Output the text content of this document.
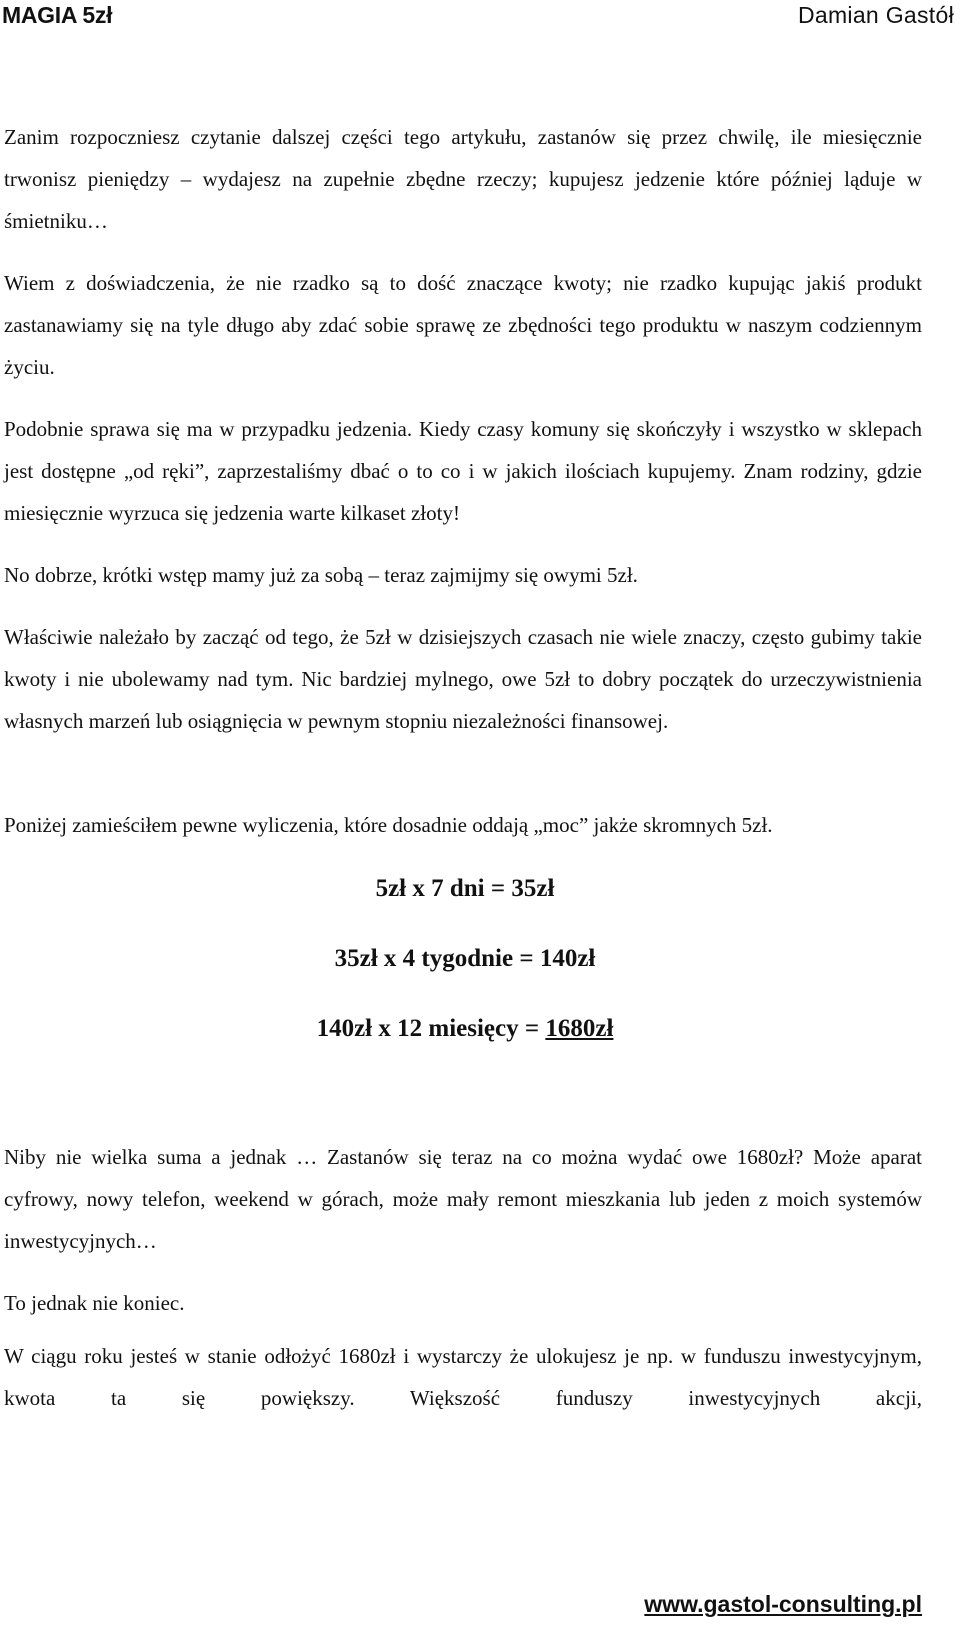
MAGIA 5zł	Damian Gastół

Zanim rozpoczniesz czytanie dalszej części tego artykułu, zastanów się przez chwilę, ile miesięcznie trwonisz pieniędzy – wydajesz na zupełnie zbędne rzeczy; kupujesz jedzenie które później ląduje w śmietniku…

Wiem z doświadczenia, że nie rzadko są to dość znaczące kwoty; nie rzadko kupując jakiś produkt zastanawiamy się na tyle długo aby zdać sobie sprawę ze zbędności tego produktu w naszym codziennym życiu.

Podobnie sprawa się ma w przypadku jedzenia. Kiedy czasy komuny się skończyły i wszystko w sklepach jest dostępne „od ręki”, zaprzestaliśmy dbać o to co i w jakich ilościach kupujemy. Znam rodziny, gdzie miesięcznie wyrzuca się jedzenia warte kilkaset złoty!

No dobrze, krótki wstęp mamy już za sobą – teraz zajmijmy się owymi 5zł.

Właściwie należało by zacząć od tego, że 5zł w dzisiejszych czasach nie wiele znaczy, często gubimy takie kwoty i nie ubolewamy nad tym. Nic bardziej mylnego, owe 5zł to dobry początek do urzeczywistnienia własnych marzeń lub osiągnięcia w pewnym stopniu niezależności finansowej.

Poniżej zamieściłem pewne wyliczenia, które dosadnie oddają „moc” jakże skromnych 5zł.

5zł x 7 dni = 35zł
35zł x 4 tygodnie = 140zł
140zł x 12 miesięcy = 1680zł

Niby nie wielka suma a jednak … Zastanów się teraz na co można wydać owe 1680zł? Może aparat cyfrowy, nowy telefon, weekend w górach, może mały remont mieszkania lub jeden z moich systemów inwestycyjnych…

To jednak nie koniec.

W ciągu roku jesteś w stanie odłożyć 1680zł i wystarczy że ulokujesz je np. w funduszu inwestycyjnym, kwota ta się powiększy. Większość funduszy inwestycyjnych akcji,

www.gastol-consulting.pl
